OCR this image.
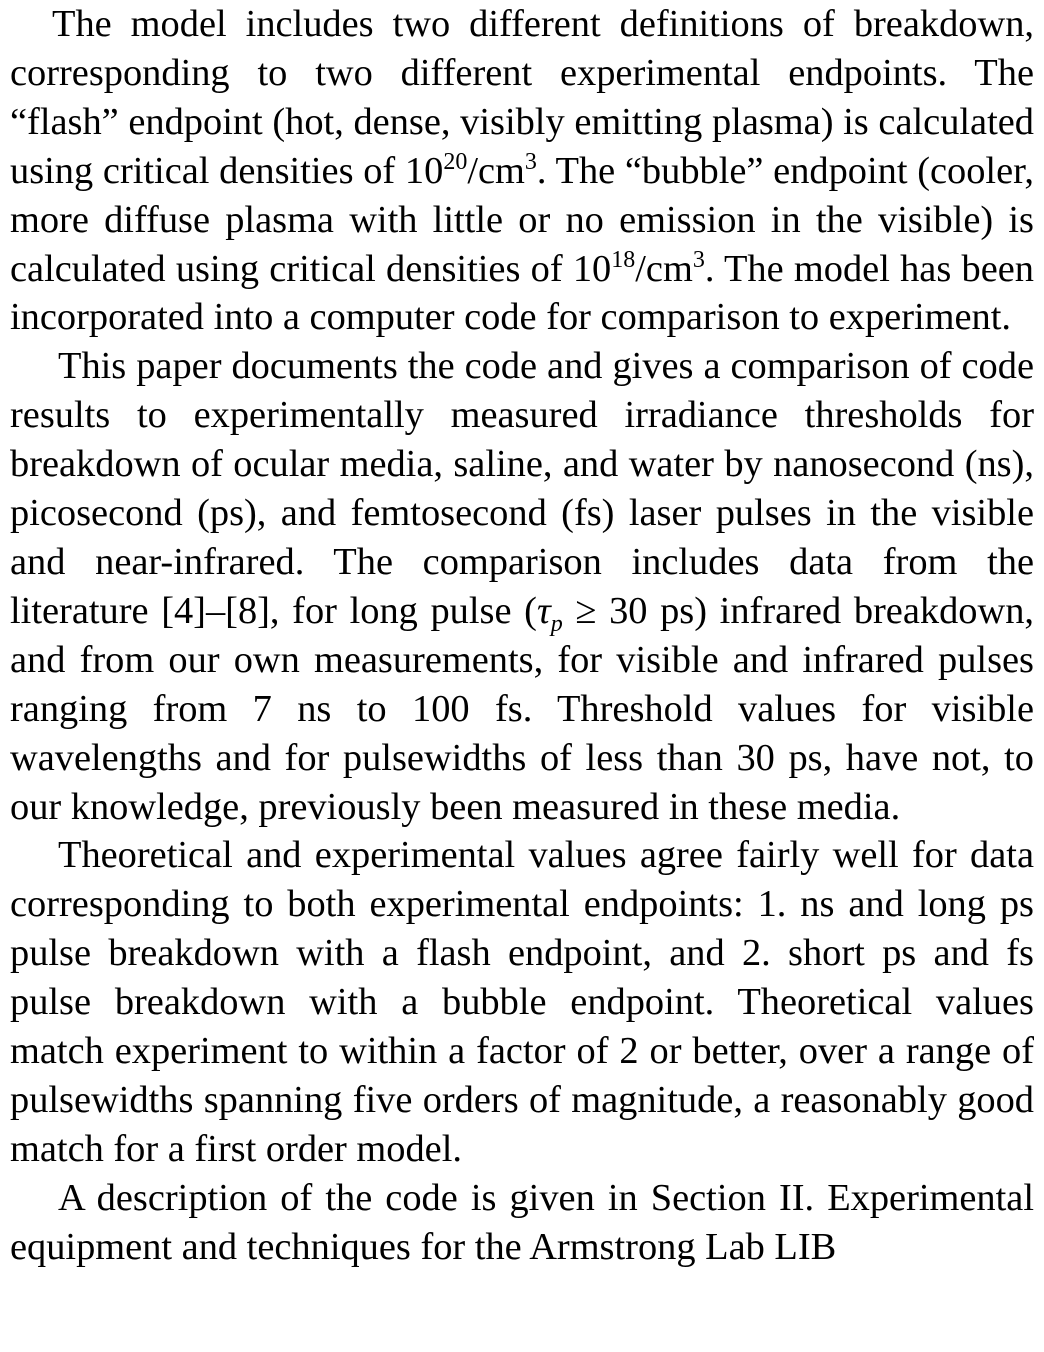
The model includes two different definitions of breakdown, corresponding to two different experimental endpoints. The “flash” endpoint (hot, dense, visibly emitting plasma) is calculated using critical densities of $10^{20}/cm^3$. The “bubble” endpoint (cooler, more diffuse plasma with little or no emission in the visible) is calculated using critical densities of $10^{18}/cm^3$. The model has been incorporated into a computer code for comparison to experiment.

This paper documents the code and gives a comparison of code results to experimentally measured irradiance thresholds for breakdown of ocular media, saline, and water by nanosecond (ns), picosecond (ps), and femtosecond (fs) laser pulses in the visible and near-infrared. The comparison includes data from the literature [4]–[8], for long pulse ($\tau_p \ge 30$ ps) infrared breakdown, and from our own measurements, for visible and infrared pulses ranging from 7 ns to 100 fs. Threshold values for visible wavelengths and for pulsewidths of less than 30 ps, have not, to our knowledge, previously been measured in these media.

Theoretical and experimental values agree fairly well for data corresponding to both experimental endpoints: 1. ns and long ps pulse breakdown with a flash endpoint, and 2. short ps and fs pulse breakdown with a bubble endpoint. Theoretical values match experiment to within a factor of 2 or better, over a range of pulsewidths spanning five orders of magnitude, a reasonably good match for a first order model.

A description of the code is given in Section II. Experimental equipment and techniques for the Armstrong Lab LIB
